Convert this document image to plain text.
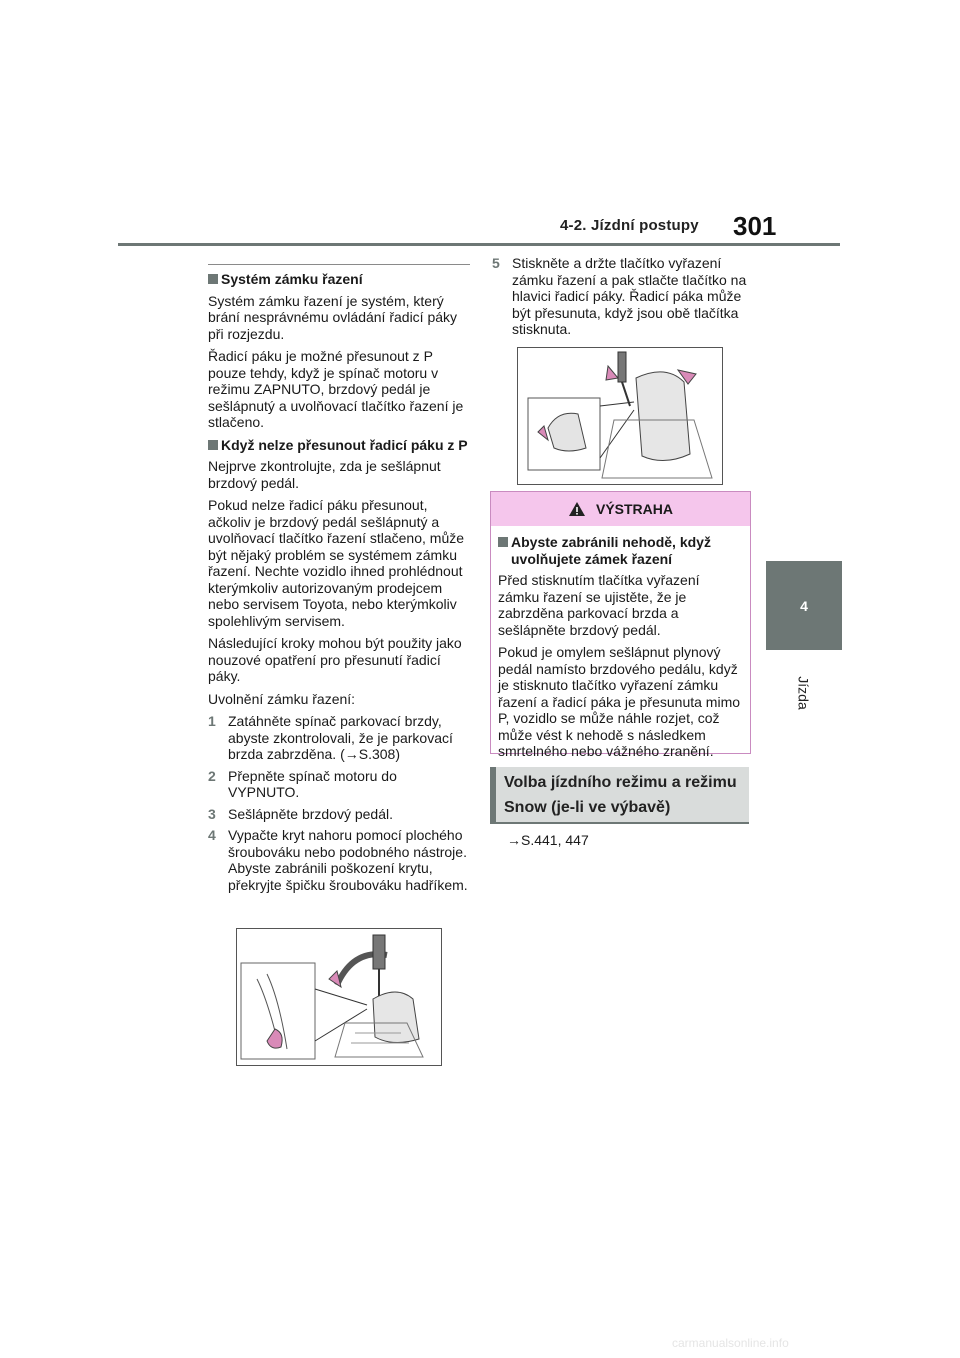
4-2. Jízdní postupy 301
4
Jízda
Systém zámku řazení

Systém zámku řazení je systém, který brání nesprávnému ovládání řadicí páky při rozjezdu.

Řadicí páku je možné přesunout z P pouze tehdy, když je spínač motoru v režimu ZAPNUTO, brzdový pedál je sešlápnutý a uvolňovací tlačítko řazení je stlačeno.

Když nelze přesunout řadicí páku z P

Nejprve zkontrolujte, zda je sešlápnut brzdový pedál.

Pokud nelze řadicí páku přesunout, ačkoliv je brzdový pedál sešlápnutý a uvolňovací tlačítko řazení stlačeno, může být nějaký problém se systémem zámku řazení. Nechte vozidlo ihned prohlédnout kterýmkoliv autorizovaným prodejcem nebo servisem Toyota, nebo kterýmkoliv spolehlivým servisem.

Následující kroky mohou být použity jako nouzové opatření pro přesunutí řadicí páky.

Uvolnění zámku řazení:

1 Zatáhněte spínač parkovací brzdy, abyste zkontrolovali, že je parkovací brzda zabrzděna. (→S.308)
2 Přepněte spínač motoru do VYPNUTO.
3 Sešlápněte brzdový pedál.
4 Vypačte kryt nahoru pomocí plochého šroubováku nebo podobného nástroje. Abyste zabránili poškození krytu, překryjte špičku šroubováku hadříkem.
5 Stiskněte a držte tlačítko vyřazení zámku řazení a pak stlačte tlačítko na hlavici řadicí páky. Řadicí páka může být přesunuta, když jsou obě tlačítka stisknuta.
VÝSTRAHA
Abyste zabránili nehodě, když uvolňujete zámek řazení

Před stisknutím tlačítka vyřazení zámku řazení se ujistěte, že je zabrzděna parkovací brzda a sešlápněte brzdový pedál.

Pokud je omylem sešlápnut plynový pedál namísto brzdového pedálu, když je stisknuto tlačítko vyřazení zámku řazení a řadicí páka je přesunuta mimo P, vozidlo se může náhle rozjet, což může vést k nehodě s následkem smrtelného nebo vážného zranění.

Volba jízdního režimu a režimu Snow (je-li ve výbavě)
→S.441, 447
carmanualsonline.info
